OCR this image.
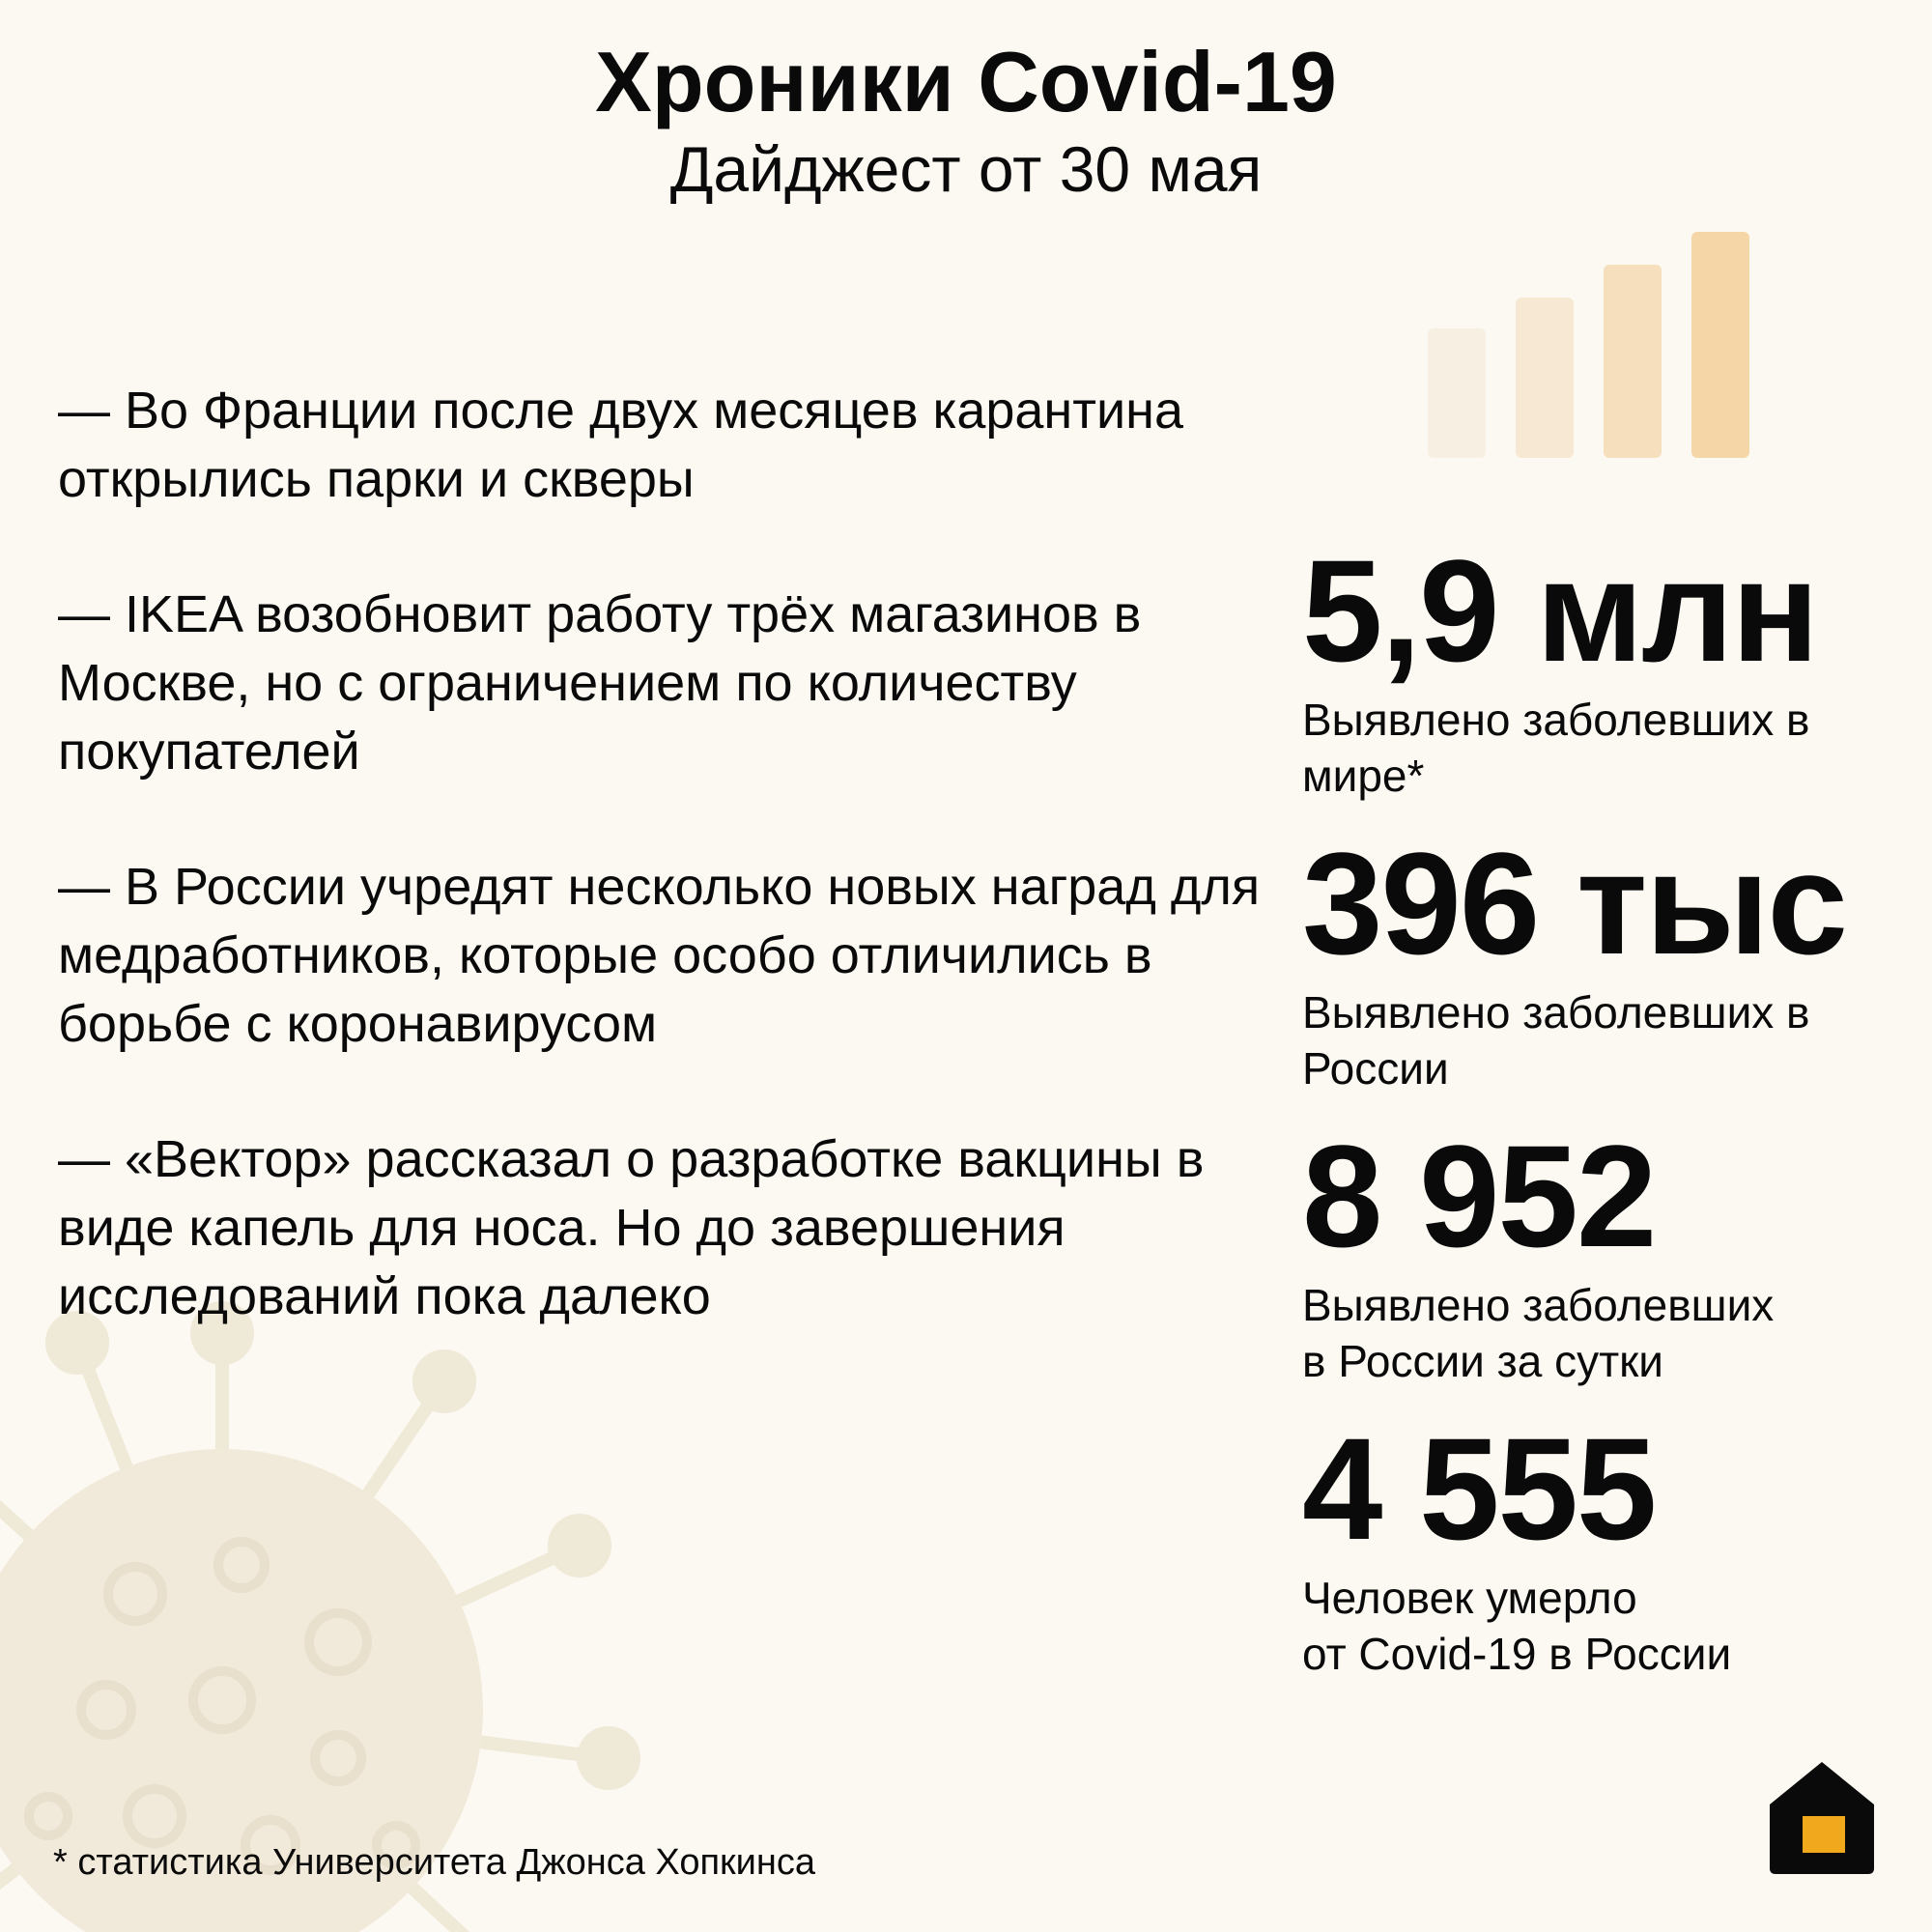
Хроники Covid-19
Дайджест от 30 мая

— Во Франции после двух месяцев карантина открылись парки и скверы

— IKEA возобновит работу трёх магазинов в Москве, но с ограничением по количеству покупателей

— В России учредят несколько новых наград для медработников, которые особо отличились в борьбе с коронавирусом

— «Вектор» рассказал о разработке вакцины в виде капель для носа. Но до завершения исследований пока далеко

5,9 млн
Выявлено заболевших в
мире*
396 тыс
Выявлено заболевших в
России
8 952
Выявлено заболевших
в России за сутки
4 555
Человек умерло
от Covid-19 в России
* статистика Университета Джонса Хопкинса
